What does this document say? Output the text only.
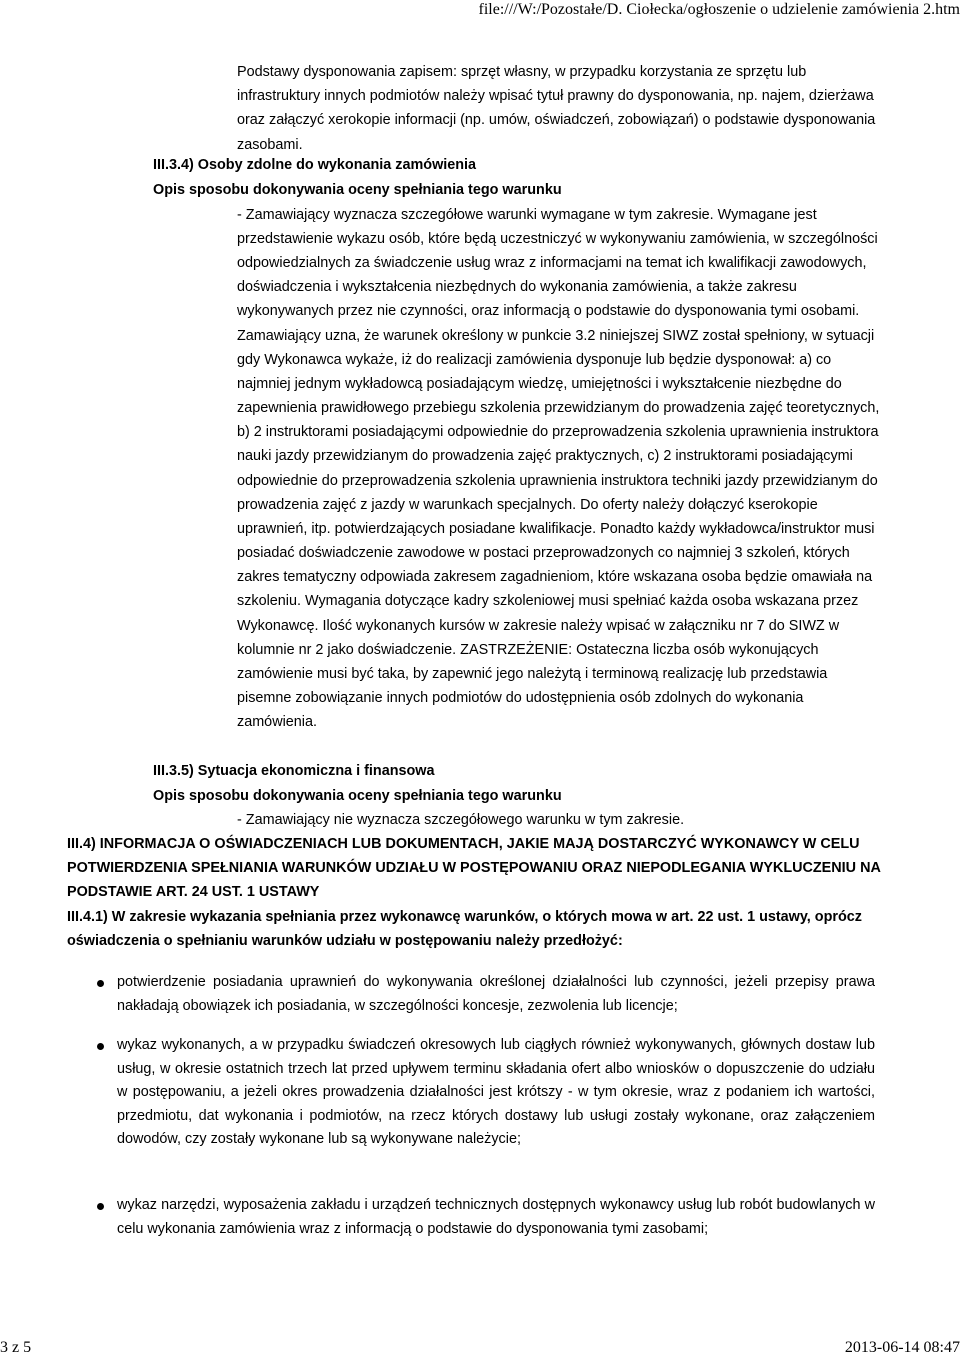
file:///W:/Pozostałe/D. Ciołecka/ogłoszenie o udzielenie zamówienia 2.htm

Podstawy dysponowania zapisem: sprzęt własny, w przypadku korzystania ze sprzętu lub infrastruktury innych podmiotów należy wpisać tytuł prawny do dysponowania, np. najem, dzierżawa oraz załączyć xerokopie informacji (np. umów, oświadczeń, zobowiązań) o podstawie dysponowania zasobami.

III.3.4) Osoby zdolne do wykonania zamówienia

Opis sposobu dokonywania oceny spełniania tego warunku

- Zamawiający wyznacza szczegółowe warunki wymagane w tym zakresie. Wymagane jest

przedstawienie wykazu osób, które będą uczestniczyć w wykonywaniu zamówienia, w szczególności odpowiedzialnych za świadczenie usług wraz z informacjami na temat ich kwalifikacji zawodowych, doświadczenia i wykształcenia niezbędnych do wykonania zamówienia, a także zakresu wykonywanych przez nie czynności, oraz informacją o podstawie do dysponowania tymi osobami. Zamawiający uzna, że warunek określony w punkcie 3.2 niniejszej SIWZ został spełniony, w sytuacji gdy Wykonawca wykaże, iż do realizacji zamówienia dysponuje lub będzie dysponował: a) co najmniej jednym wykładowcą posiadającym wiedzę, umiejętności i wykształcenie niezbędne do zapewnienia prawidłowego przebiegu szkolenia przewidzianym do prowadzenia zajęć teoretycznych, b) 2 instruktorami posiadającymi odpowiednie do przeprowadzenia szkolenia uprawnienia instruktora nauki jazdy przewidzianym do prowadzenia zajęć praktycznych, c) 2 instruktorami posiadającymi odpowiednie do przeprowadzenia szkolenia uprawnienia instruktora techniki jazdy przewidzianym do prowadzenia zajęć z jazdy w warunkach specjalnych. Do oferty należy dołączyć kserokopie uprawnień, itp. potwierdzających posiadane kwalifikacje. Ponadto każdy wykładowca/instruktor musi posiadać doświadczenie zawodowe w postaci przeprowadzonych co najmniej 3 szkoleń, których zakres tematyczny odpowiada zakresem zagadnieniom, które wskazana osoba będzie omawiała na szkoleniu. Wymagania dotyczące kadry szkoleniowej musi spełniać każda osoba wskazana przez Wykonawcę. Ilość wykonanych kursów w zakresie należy wpisać w załączniku nr 7 do SIWZ w kolumnie nr 2 jako doświadczenie. ZASTRZEŻENIE: Ostateczna liczba osób wykonujących zamówienie musi być taka, by zapewnić jego należytą i terminową realizację lub przedstawia pisemne zobowiązanie innych podmiotów do udostępnienia osób zdolnych do wykonania zamówienia.

III.3.5) Sytuacja ekonomiczna i finansowa

Opis sposobu dokonywania oceny spełniania tego warunku

- Zamawiający nie wyznacza szczegółowego warunku w tym zakresie.

III.4) INFORMACJA O OŚWIADCZENIACH LUB DOKUMENTACH, JAKIE MAJĄ DOSTARCZYĆ WYKONAWCY W CELU POTWIERDZENIA SPEŁNIANIA WARUNKÓW UDZIAŁU W POSTĘPOWANIU ORAZ NIEPODLEGANIA WYKLUCZENIU NA PODSTAWIE ART. 24 UST. 1 USTAWY

III.4.1) W zakresie wykazania spełniania przez wykonawcę warunków, o których mowa w art. 22 ust. 1 ustawy, oprócz oświadczenia o spełnianiu warunków udziału w postępowaniu należy przedłożyć:

potwierdzenie posiadania uprawnień do wykonywania określonej działalności lub czynności, jeżeli przepisy prawa nakładają obowiązek ich posiadania, w szczególności koncesje, zezwolenia lub licencje;
wykaz wykonanych, a w przypadku świadczeń okresowych lub ciągłych również wykonywanych, głównych dostaw lub usług, w okresie ostatnich trzech lat przed upływem terminu składania ofert albo wniosków o dopuszczenie do udziału w postępowaniu, a jeżeli okres prowadzenia działalności jest krótszy - w tym okresie, wraz z podaniem ich wartości, przedmiotu, dat wykonania i podmiotów, na rzecz których dostawy lub usługi zostały wykonane, oraz załączeniem dowodów, czy zostały wykonane lub są wykonywane należycie;
wykaz narzędzi, wyposażenia zakładu i urządzeń technicznych dostępnych wykonawcy usług lub robót budowlanych w celu wykonania zamówienia wraz z informacją o podstawie do dysponowania tymi zasobami;
3 z 5	2013-06-14 08:47
